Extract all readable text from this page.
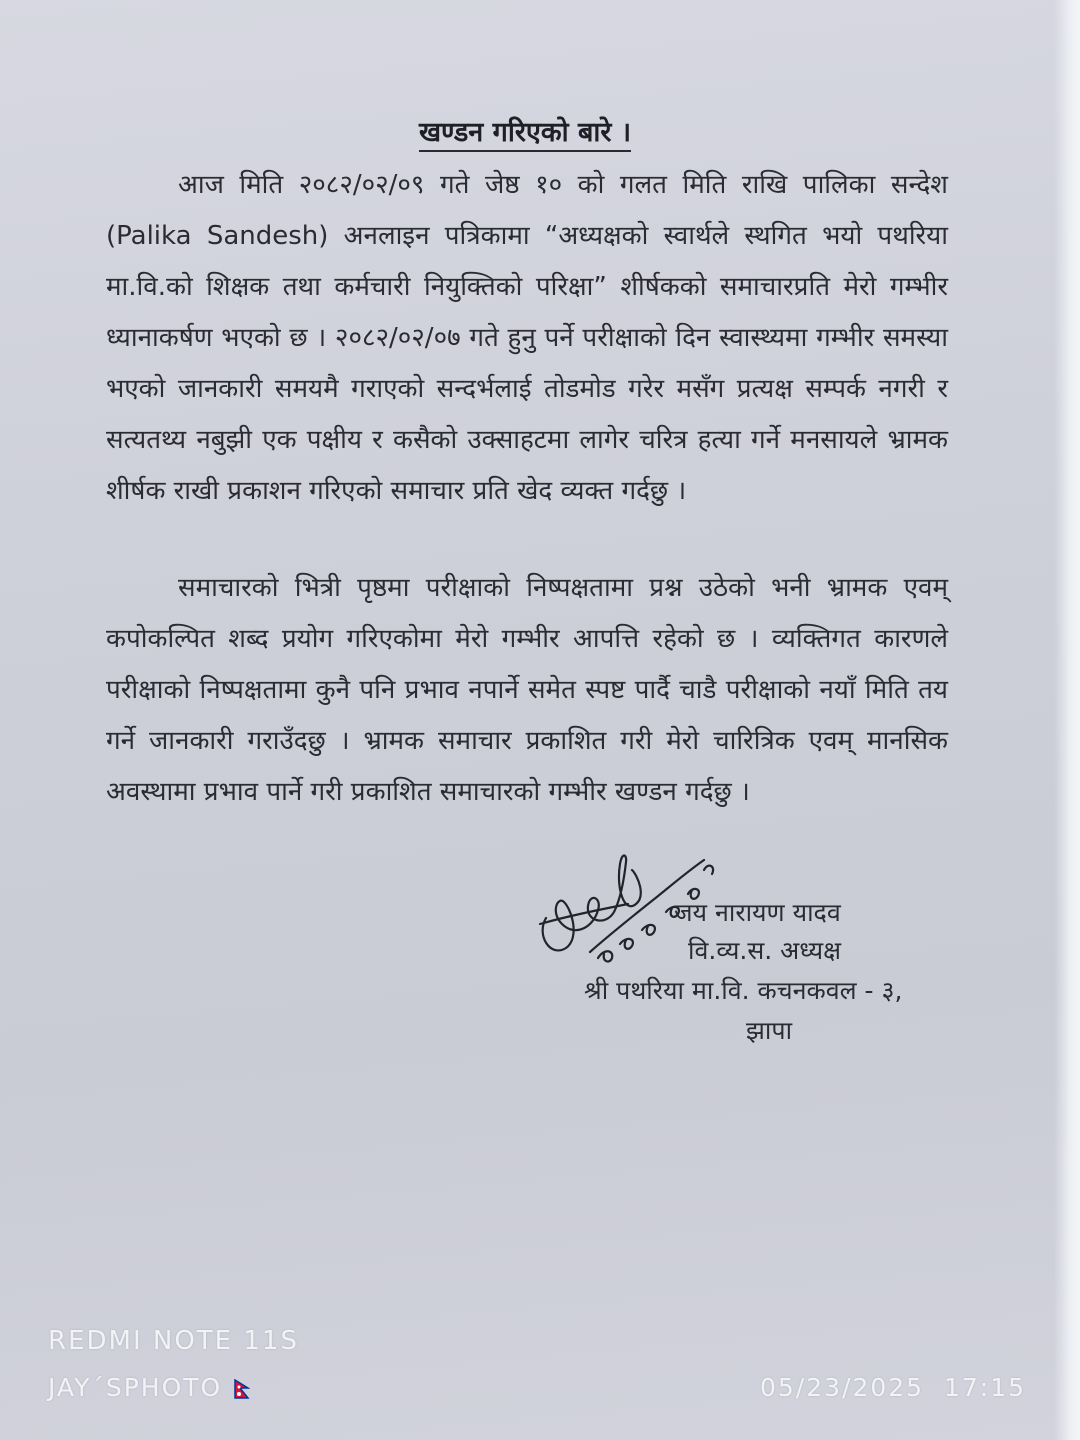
खण्डन गरिएको बारे ।
आज मिति २०८२/०२/०९ गते जेष्ठ १० को गलत मिति राखि पालिका सन्देश (Palika Sandesh) अनलाइन पत्रिकामा “अध्यक्षको स्वार्थले स्थगित भयो पथरिया मा.वि.को शिक्षक तथा कर्मचारी नियुक्तिको परिक्षा” शीर्षकको समाचारप्रति मेरो गम्भीर ध्यानाकर्षण भएको छ । २०८२/०२/०७ गते हुनु पर्ने परीक्षाको दिन स्वास्थ्यमा गम्भीर समस्या भएको जानकारी समयमै गराएको सन्दर्भलाई तोडमोड गरेर मसँग प्रत्यक्ष सम्पर्क नगरी र सत्यतथ्य नबुझी एक पक्षीय र कसैको उक्साहटमा लागेर चरित्र हत्या गर्ने मनसायले भ्रामक शीर्षक राखी प्रकाशन गरिएको समाचार प्रति खेद व्यक्त गर्दछु ।
समाचारको भित्री पृष्ठमा परीक्षाको निष्पक्षतामा प्रश्न उठेको भनी भ्रामक एवम् कपोकल्पित शब्द प्रयोग गरिएकोमा मेरो गम्भीर आपत्ति रहेको छ । व्यक्तिगत कारणले परीक्षाको निष्पक्षतामा कुनै पनि प्रभाव नपार्ने समेत स्पष्ट पार्दै चाडै परीक्षाको नयाँ मिति तय गर्ने जानकारी गराउँदछु । भ्रामक समाचार प्रकाशित गरी मेरो चारित्रिक एवम् मानसिक अवस्थामा प्रभाव पार्ने गरी प्रकाशित समाचारको गम्भीर खण्डन गर्दछु ।
जय नारायण यादव
वि.व्य.स. अध्यक्ष
श्री पथरिया मा.वि. कचनकवल - ३,
झापा
REDMI NOTE 11S
JAY´SPHOTO	05/23/2025  17:15
